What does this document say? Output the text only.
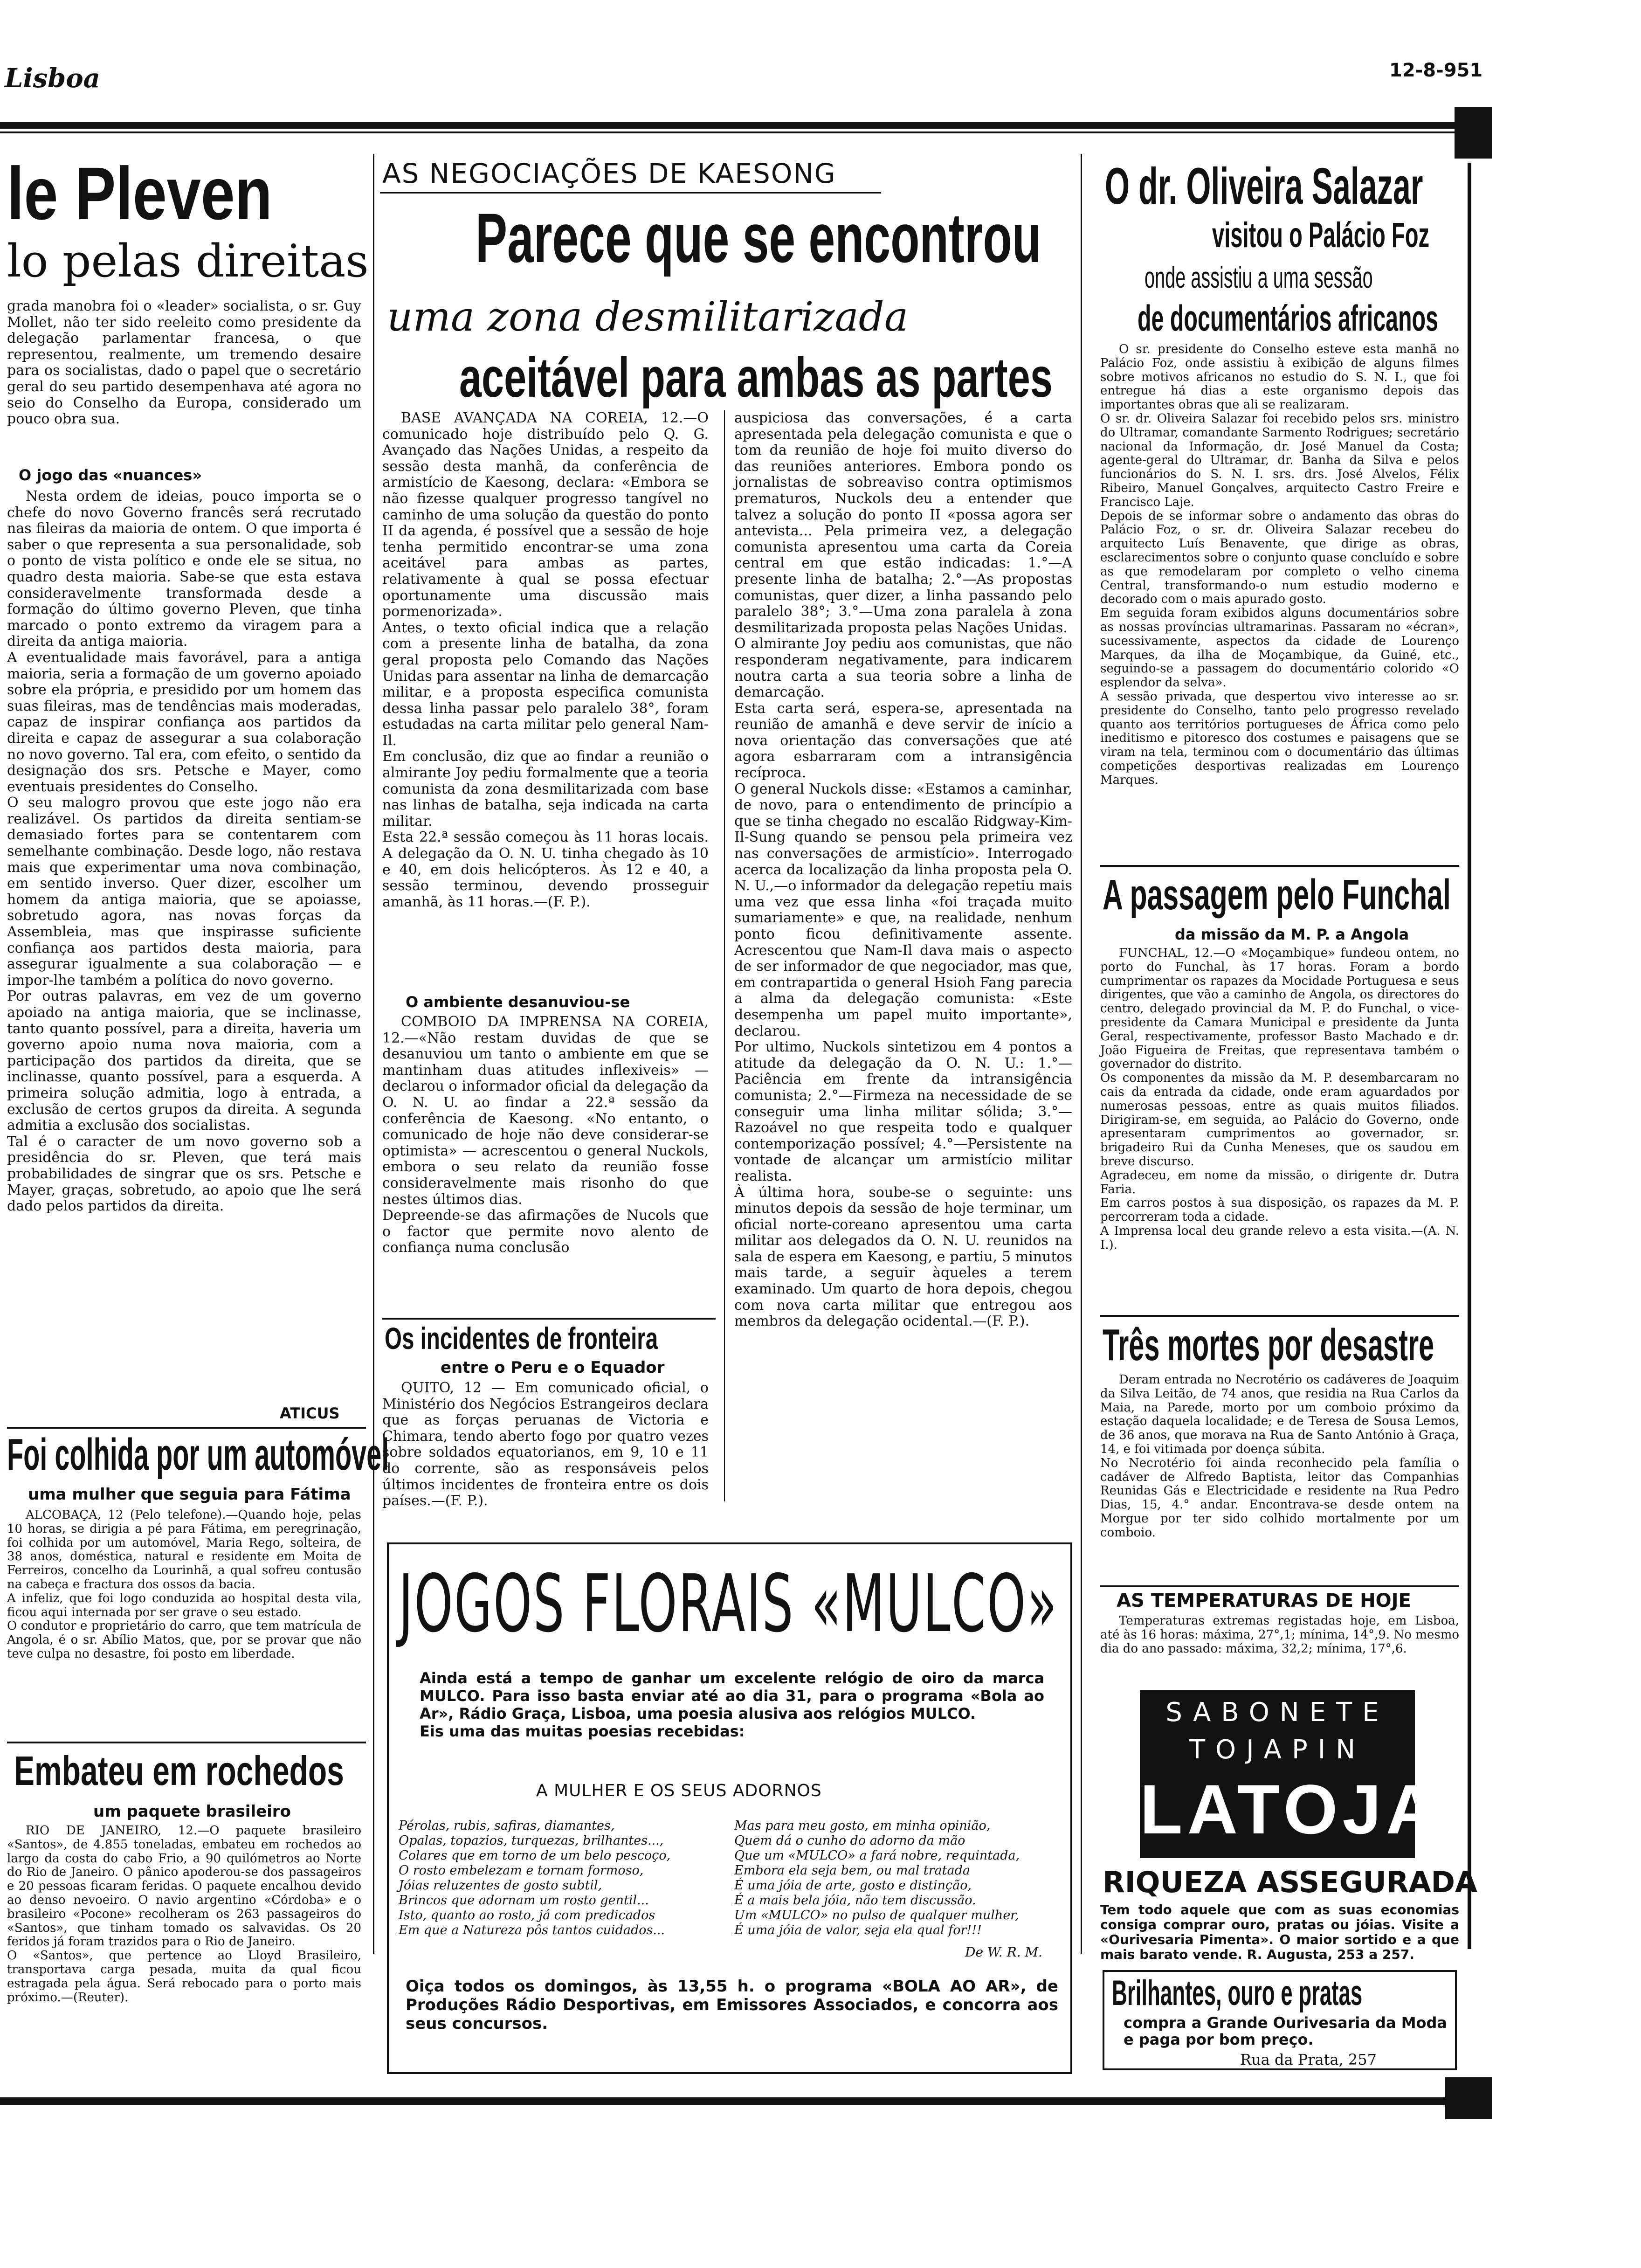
Lisboa	12-8-951
le Pleven
lo pelas direitas

grada manobra foi o «leader» socialista, o sr. Guy Mollet, não ter sido reeleito como presidente da delegação parlamentar francesa, o que representou, realmente, um tremendo desaire para os socialistas, dado o papel que o secretário geral do seu partido desempenhava até agora no seio do Conselho da Europa, considerado um pouco obra sua.

O jogo das «nuances»

Nesta ordem de ideias, pouco importa se o chefe do novo Governo francês será recrutado nas fileiras da maioria de ontem. O que importa é saber o que representa a sua personalidade, sob o ponto de vista político e onde ele se situa, no quadro desta maioria. Sabe-se que esta estava consideravelmente transformada desde a formação do último governo Pleven, que tinha marcado o ponto extremo da viragem para a direita da antiga maioria.
A eventualidade mais favorável, para a antiga maioria, seria a formação de um governo apoiado sobre ela própria, e presidido por um homem das suas fileiras, mas de tendências mais moderadas, capaz de inspirar confiança aos partidos da direita e capaz de assegurar a sua colaboração no novo governo. Tal era, com efeito, o sentido da designação dos srs. Petsche e Mayer, como eventuais presidentes do Conselho.
O seu malogro provou que este jogo não era realizável. Os partidos da direita sentiam-se demasiado fortes para se contentarem com semelhante combinação. Desde logo, não restava mais que experimentar uma nova combinação, em sentido inverso. Quer dizer, escolher um homem da antiga maioria, que se apoiasse, sobretudo agora, nas novas forças da Assembleia, mas que inspirasse suficiente confiança aos partidos desta maioria, para assegurar igualmente a sua colaboração — e impor-lhe também a política do novo governo.
Por outras palavras, em vez de um governo apoiado na antiga maioria, que se inclinasse, tanto quanto possível, para a direita, haveria um governo apoio numa nova maioria, com a participação dos partidos da direita, que se inclinasse, quanto possível, para a esquerda. A primeira solução admitia, logo à entrada, a exclusão de certos grupos da direita. A segunda admitia a exclusão dos socialistas.
Tal é o caracter de um novo governo sob a presidência do sr. Pleven, que terá mais probabilidades de singrar que os srs. Petsche e Mayer, graças, sobretudo, ao apoio que lhe será dado pelos partidos da direita.

ATICUS
Foi colhida por um automóvel
uma mulher que seguia para Fátima

ALCOBAÇA, 12 (Pelo telefone).—Quando hoje, pelas 10 horas, se dirigia a pé para Fátima, em peregrinação, foi colhida por um automóvel, Maria Rego, solteira, de 38 anos, doméstica, natural e residente em Moita de Ferreiros, concelho da Lourinhã, a qual sofreu contusão na cabeça e fractura dos ossos da bacia.
A infeliz, que foi logo conduzida ao hospital desta vila, ficou aqui internada por ser grave o seu estado.
O condutor e proprietário do carro, que tem matrícula de Angola, é o sr. Abílio Matos, que, por se provar que não teve culpa no desastre, foi posto em liberdade.

Embateu em rochedos
um paquete brasileiro

RIO DE JANEIRO, 12.—O paquete brasileiro «Santos», de 4.855 toneladas, embateu em rochedos ao largo da costa do cabo Frio, a 90 quilómetros ao Norte do Rio de Janeiro. O pânico apoderou-se dos passageiros e 20 pessoas ficaram feridas. O paquete encalhou devido ao denso nevoeiro. O navio argentino «Córdoba» e o brasileiro «Pocone» recolheram os 263 passageiros do «Santos», que tinham tomado os salvavidas. Os 20 feridos já foram trazidos para o Rio de Janeiro.
O «Santos», que pertence ao Lloyd Brasileiro, transportava carga pesada, muita da qual ficou estragada pela água. Será rebocado para o porto mais próximo.—(Reuter).

AS NEGOCIAÇÕES DE KAESONG
Parece que se encontrou
uma zona desmilitarizada
aceitável para ambas as partes

BASE AVANÇADA NA COREIA, 12.—O comunicado hoje distribuído pelo Q. G. Avançado das Nações Unidas, a respeito da sessão desta manhã, da conferência de armistício de Kaesong, declara: «Embora se não fizesse qualquer progresso tangível no caminho de uma solução da questão do ponto II da agenda, é possível que a sessão de hoje tenha permitido encontrar-se uma zona aceitável para ambas as partes, relativamente à qual se possa efectuar oportunamente uma discussão mais pormenorizada».
Antes, o texto oficial indica que a relação com a presente linha de batalha, da zona geral proposta pelo Comando das Nações Unidas para assentar na linha de demarcação militar, e a proposta especifica comunista dessa linha passar pelo paralelo 38°, foram estudadas na carta militar pelo general Nam-Il.
Em conclusão, diz que ao findar a reunião o almirante Joy pediu formalmente que a teoria comunista da zona desmilitarizada com base nas linhas de batalha, seja indicada na carta militar.
Esta 22.ª sessão começou às 11 horas locais. A delegação da O. N. U. tinha chegado às 10 e 40, em dois helicópteros. Às 12 e 40, a sessão terminou, devendo prosseguir amanhã, às 11 horas.—(F. P.).

O ambiente desanuviou-se

COMBOIO DA IMPRENSA NA COREIA, 12.—«Não restam duvidas de que se desanuviou um tanto o ambiente em que se mantinham duas atitudes inflexiveis» — declarou o informador oficial da delegação da O. N. U. ao findar a 22.ª sessão da conferência de Kaesong. «No entanto, o comunicado de hoje não deve considerar-se optimista» — acrescentou o general Nuckols, embora o seu relato da reunião fosse consideravelmente mais risonho do que nestes últimos dias.
Depreende-se das afirmações de Nucols que o factor que permite novo alento de confiança numa conclusão

auspiciosa das conversações, é a carta apresentada pela delegação comunista e que o tom da reunião de hoje foi muito diverso do das reuniões anteriores. Embora pondo os jornalistas de sobreaviso contra optimismos prematuros, Nuckols deu a entender que talvez a solução do ponto II «possa agora ser antevista... Pela primeira vez, a delegação comunista apresentou uma carta da Coreia central em que estão indicadas: 1.°—A presente linha de batalha; 2.°—As propostas comunistas, quer dizer, a linha passando pelo paralelo 38°; 3.°—Uma zona paralela à zona desmilitarizada proposta pelas Nações Unidas.
O almirante Joy pediu aos comunistas, que não responderam negativamente, para indicarem noutra carta a sua teoria sobre a linha de demarcação.
Esta carta será, espera-se, apresentada na reunião de amanhã e deve servir de início a nova orientação das conversações que até agora esbarraram com a intransigência recíproca.
O general Nuckols disse: «Estamos a caminhar, de novo, para o entendimento de princípio a que se tinha chegado no escalão Ridgway-Kim-Il-Sung quando se pensou pela primeira vez nas conversações de armistício». Interrogado acerca da localização da linha proposta pela O. N. U.,—o informador da delegação repetiu mais uma vez que essa linha «foi traçada muito sumariamente» e que, na realidade, nenhum ponto ficou definitivamente assente. Acrescentou que Nam-Il dava mais o aspecto de ser informador de que negociador, mas que, em contrapartida o general Hsioh Fang parecia a alma da delegação comunista: «Este desempenha um papel muito importante», declarou.
Por ultimo, Nuckols sintetizou em 4 pontos a atitude da delegação da O. N. U.: 1.°—Paciência em frente da intransigência comunista; 2.°—Firmeza na necessidade de se conseguir uma linha militar sólida; 3.°—Razoável no que respeita todo e qualquer contemporização possível; 4.°—Persistente na vontade de alcançar um armistício militar realista.
À última hora, soube-se o seguinte: uns minutos depois da sessão de hoje terminar, um oficial norte-coreano apresentou uma carta militar aos delegados da O. N. U. reunidos na sala de espera em Kaesong, e partiu, 5 minutos mais tarde, a seguir àqueles a terem examinado. Um quarto de hora depois, chegou com nova carta militar que entregou aos membros da delegação ocidental.—(F. P.).

Os incidentes de fronteira
entre o Peru e o Equador

QUITO, 12 — Em comunicado oficial, o Ministério dos Negócios Estrangeiros declara que as forças peruanas de Victoria e Chimara, tendo aberto fogo por quatro vezes sobre soldados equatorianos, em 9, 10 e 11 do corrente, são as responsáveis pelos últimos incidentes de fronteira entre os dois países.—(F. P.).

JOGOS FLORAIS «MULCO»

Ainda está a tempo de ganhar um excelente relógio de oiro da marca MULCO. Para isso basta enviar até ao dia 31, para o programa «Bola ao Ar», Rádio Graça, Lisboa, uma poesia alusiva aos relógios MULCO.
Eis uma das muitas poesias recebidas:

A MULHER E OS SEUS ADORNOS

Pérolas, rubis, safiras, diamantes,
Opalas, topazios, turquezas, brilhantes...,
Colares que em torno de um belo pescoço,
O rosto embelezam e tornam formoso,
Jóias reluzentes de gosto subtil,
Brincos que adornam um rosto gentil...
Isto, quanto ao rosto, já com predicados
Em que a Natureza pôs tantos cuidados...

Mas para meu gosto, em minha opinião,
Quem dá o cunho do adorno da mão
Que um «MULCO» a fará nobre, requintada,
Embora ela seja bem, ou mal tratada
É uma jóia de arte, gosto e distinção,
É a mais bela jóia, não tem discussão.
Um «MULCO» no pulso de qualquer mulher,
É uma jóia de valor, seja ela qual for!!!

De W. R. M.

Oiça todos os domingos, às 13,55 h. o programa «BOLA AO AR», de Produções Rádio Desportivas, em Emissores Associados, e concorra aos seus concursos.

O dr. Oliveira Salazar
visitou o Palácio Foz
onde assistiu a uma sessão
de documentários africanos

O sr. presidente do Conselho esteve esta manhã no Palácio Foz, onde assistiu à exibição de alguns filmes sobre motivos africanos no estudio do S. N. I., que foi entregue há dias a este organismo depois das importantes obras que ali se realizaram.
O sr. dr. Oliveira Salazar foi recebido pelos srs. ministro do Ultramar, comandante Sarmento Rodrigues; secretário nacional da Informação, dr. José Manuel da Costa; agente-geral do Ultramar, dr. Banha da Silva e pelos funcionários do S. N. I. srs. drs. José Alvelos, Félix Ribeiro, Manuel Gonçalves, arquitecto Castro Freire e Francisco Laje.
Depois de se informar sobre o andamento das obras do Palácio Foz, o sr. dr. Oliveira Salazar recebeu do arquitecto Luís Benavente, que dirige as obras, esclarecimentos sobre o conjunto quase concluído e sobre as que remodelaram por completo o velho cinema Central, transformando-o num estudio moderno e decorado com o mais apurado gosto.
Em seguida foram exibidos alguns documentários sobre as nossas províncias ultramarinas. Passaram no «écran», sucessivamente, aspectos da cidade de Lourenço Marques, da ilha de Moçambique, da Guiné, etc., seguindo-se a passagem do documentário colorido «O esplendor da selva».
A sessão privada, que despertou vivo interesse ao sr. presidente do Conselho, tanto pelo progresso revelado quanto aos territórios portugueses de África como pelo ineditismo e pitoresco dos costumes e paisagens que se viram na tela, terminou com o documentário das últimas competições desportivas realizadas em Lourenço Marques.

A passagem pelo Funchal
da missão da M. P. a Angola

FUNCHAL, 12.—O «Moçambique» fundeou ontem, no porto do Funchal, às 17 horas. Foram a bordo cumprimentar os rapazes da Mocidade Portuguesa e seus dirigentes, que vão a caminho de Angola, os directores do centro, delegado provincial da M. P. do Funchal, o vice-presidente da Camara Municipal e presidente da Junta Geral, respectivamente, professor Basto Machado e dr. João Figueira de Freitas, que representava também o governador do distrito.
Os componentes da missão da M. P. desembarcaram no cais da entrada da cidade, onde eram aguardados por numerosas pessoas, entre as quais muitos filiados. Dirigiram-se, em seguida, ao Palácio do Governo, onde apresentaram cumprimentos ao governador, sr. brigadeiro Rui da Cunha Meneses, que os saudou em breve discurso.
Agradeceu, em nome da missão, o dirigente dr. Dutra Faria.
Em carros postos à sua disposição, os rapazes da M. P. percorreram toda a cidade.
A Imprensa local deu grande relevo a esta visita.—(A. N. I.).

Três mortes por desastre

Deram entrada no Necrotério os cadáveres de Joaquim da Silva Leitão, de 74 anos, que residia na Rua Carlos da Maia, na Parede, morto por um comboio próximo da estação daquela localidade; e de Teresa de Sousa Lemos, de 36 anos, que morava na Rua de Santo António à Graça, 14, e foi vitimada por doença súbita.
No Necrotério foi ainda reconhecido pela família o cadáver de Alfredo Baptista, leitor das Companhias Reunidas Gás e Electricidade e residente na Rua Pedro Dias, 15, 4.° andar. Encontrava-se desde ontem na Morgue por ter sido colhido mortalmente por um comboio.

AS TEMPERATURAS DE HOJE

Temperaturas extremas registadas hoje, em Lisboa, até às 16 horas: máxima, 27°,1; mínima, 14°,9. No mesmo dia do ano passado: máxima, 32,2; mínima, 17°,6.

SABONETE
TOJAPIN
LATOJA
RIQUEZA ASSEGURADA

Tem todo aquele que com as suas economias consiga comprar ouro, pratas ou jóias. Visite a «Ourivesaria Pimenta». O maior sortido e a que mais barato vende. R. Augusta, 253 a 257.

Brilhantes, ouro e pratas

compra a Grande Ourivesaria da Moda e paga por bom preço.

Rua da Prata, 257
